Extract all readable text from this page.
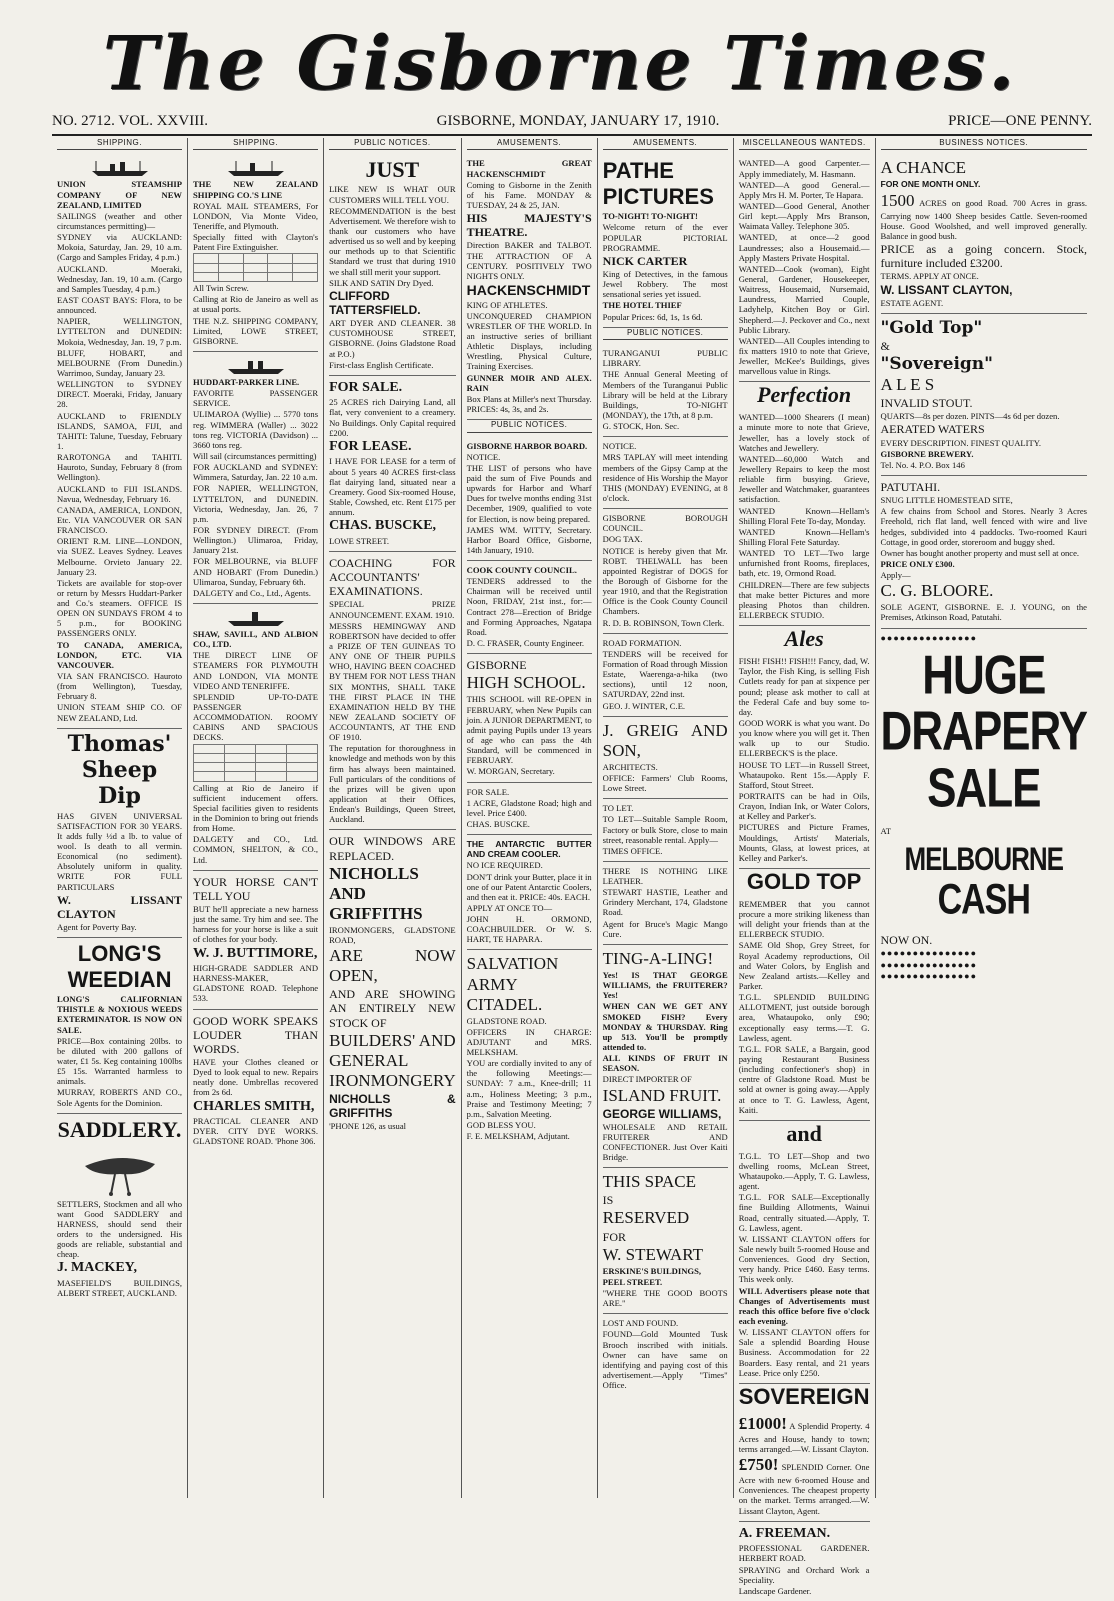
The Gisborne Times.
NO. 2712. VOL. XXVIII.	GISBORNE, MONDAY, JANUARY 17, 1910.	PRICE—ONE PENNY.
SHIPPING.

UNION STEAMSHIP COMPANY OF NEW ZEALAND, LIMITED

SAILINGS (weather and other circumstances permitting)—

SYDNEY via AUCKLAND: Mokoia, Saturday, Jan. 29, 10 a.m. (Cargo and Samples Friday, 4 p.m.)

AUCKLAND. Moeraki, Wednesday, Jan. 19, 10 a.m. (Cargo and Samples Tuesday, 4 p.m.)

EAST COAST BAYS: Flora, to be announced.

NAPIER, WELLINGTON, LYTTELTON and DUNEDIN: Mokoia, Wednesday, Jan. 19, 7 p.m.

BLUFF, HOBART, and MELBOURNE (From Dunedin.) Warrimoo, Sunday, January 23.

WELLINGTON to SYDNEY DIRECT. Moeraki, Friday, January 28.

AUCKLAND to FRIENDLY ISLANDS, SAMOA, FIJI, and TAHITI: Talune, Tuesday, February 1.

RAROTONGA and TAHITI. Hauroto, Sunday, February 8 (from Wellington).

AUCKLAND to FIJI ISLANDS. Navua, Wednesday, February 16.

CANADA, AMERICA, LONDON, Etc. VIA VANCOUVER OR SAN FRANCISCO.

ORIENT R.M. LINE—LONDON, via SUEZ. Leaves Sydney. Leaves Melbourne. Orvieto January 22. January 23.

Tickets are available for stop-over or return by Messrs Huddart-Parker and Co.'s steamers. OFFICE IS OPEN ON SUNDAYS FROM 4 to 5 p.m., for BOOKING PASSENGERS ONLY.

TO CANADA, AMERICA, LONDON, ETC. VIA VANCOUVER.

VIA SAN FRANCISCO. Hauroto (from Wellington), Tuesday, February 8.

UNION STEAM SHIP CO. OF NEW ZEALAND, Ltd.

Thomas' Sheep Dip

HAS GIVEN UNIVERSAL SATISFACTION FOR 30 YEARS. It adds fully ½d a lb. to value of wool. Is death to all vermin. Economical (no sediment). Absolutely uniform in quality. WRITE FOR FULL PARTICULARS

W. LISSANT CLAYTON

Agent for Poverty Bay.

LONG'S WEEDIAN

LONG'S CALIFORNIAN THISTLE & NOXIOUS WEEDS EXTERMINATOR. IS NOW ON SALE.

PRICE—Box containing 20lbs. to be diluted with 200 gallons of water, £1 5s. Keg containing 100lbs £5 15s. Warranted harmless to animals.

MURRAY, ROBERTS AND CO., Sole Agents for the Dominion.

SADDLERY.

SETTLERS, Stockmen and all who want Good SADDLERY and HARNESS, should send their orders to the undersigned. His goods are reliable, substantial and cheap.

J. MACKEY,

MASEFIELD'S BUILDINGS, ALBERT STREET, AUCKLAND.

SHIPPING.

THE NEW ZEALAND SHIPPING CO.'S LINE

ROYAL MAIL STEAMERS, For LONDON, Via Monte Video, Teneriffe, and Plymouth.

Specially fitted with Clayton's Patent Fire Extinguisher.

All Twin Screw.

Calling at Rio de Janeiro as well as at usual ports.

THE N.Z. SHIPPING COMPANY, Limited, LOWE STREET, GISBORNE.

HUDDART-PARKER LINE.

FAVORITE PASSENGER SERVICE.

ULIMAROA (Wyllie) ... 5770 tons reg. WIMMERA (Waller) ... 3022 tons reg. VICTORIA (Davidson) ... 3660 tons reg.

Will sail (circumstances permitting)

FOR AUCKLAND and SYDNEY: Wimmera, Saturday, Jan. 22 10 a.m.

FOR NAPIER, WELLINGTON, LYTTELTON, and DUNEDIN. Victoria, Wednesday, Jan. 26, 7 p.m.

FOR SYDNEY DIRECT. (From Wellington.) Ulimaroa, Friday, January 21st.

FOR MELBOURNE, via BLUFF AND HOBART (From Dunedin.) Ulimaroa, Sunday, February 6th.

DALGETY and Co., Ltd., Agents.

SHAW, SAVILL, AND ALBION CO., LTD.

THE DIRECT LINE OF STEAMERS FOR PLYMOUTH AND LONDON, VIA MONTE VIDEO AND TENERIFFE.

SPLENDID UP-TO-DATE PASSENGER ACCOMMODATION. ROOMY CABINS AND SPACIOUS DECKS.

Calling at Rio de Janeiro if sufficient inducement offers. Special facilities given to residents in the Dominion to bring out friends from Home.

DALGETY and CO., Ltd. COMMON, SHELTON, & CO., Ltd.

YOUR HORSE CAN'T TELL YOU

BUT he'll appreciate a new harness just the same. Try him and see. The harness for your horse is like a suit of clothes for your body.

W. J. BUTTIMORE,

HIGH-GRADE SADDLER AND HARNESS-MAKER, GLADSTONE ROAD. Telephone 533.

GOOD WORK SPEAKS LOUDER THAN WORDS.

HAVE your Clothes cleaned or Dyed to look equal to new. Repairs neatly done. Umbrellas recovered from 2s 6d.

CHARLES SMITH,

PRACTICAL CLEANER AND DYER. CITY DYE WORKS. GLADSTONE ROAD. 'Phone 306.

PUBLIC NOTICES.
JUST

LIKE NEW IS WHAT OUR CUSTOMERS WILL TELL YOU.

RECOMMENDATION is the best Advertisement. We therefore wish to thank our customers who have advertised us so well and by keeping our methods up to that Scientific Standard we trust that during 1910 we shall still merit your support.

SILK AND SATIN Dry Dyed.

CLIFFORD TATTERSFIELD.

ART DYER AND CLEANER. 38 CUSTOMHOUSE STREET, GISBORNE. (Joins Gladstone Road at P.O.)

First-class English Certificate.

FOR SALE.

25 ACRES rich Dairying Land, all flat, very convenient to a creamery. No Buildings. Only Capital required £200.

FOR LEASE.

I HAVE FOR LEASE for a term of about 5 years 40 ACRES first-class flat dairying land, situated near a Creamery. Good Six-roomed House, Stable, Cowshed, etc. Rent £175 per annum.

CHAS. BUSCKE,

LOWE STREET.

COACHING FOR ACCOUNTANTS' EXAMINATIONS.

SPECIAL PRIZE ANNOUNCEMENT. EXAM. 1910.

MESSRS HEMINGWAY AND ROBERTSON have decided to offer a PRIZE OF TEN GUINEAS TO ANY ONE OF THEIR PUPILS WHO, HAVING BEEN COACHED BY THEM FOR NOT LESS THAN SIX MONTHS, SHALL TAKE THE FIRST PLACE IN THE EXAMINATION HELD BY THE NEW ZEALAND SOCIETY OF ACCOUNTANTS, AT THE END OF 1910.

The reputation for thoroughness in knowledge and methods won by this firm has always been maintained. Full particulars of the conditions of the prizes will be given upon application at their Offices, Endean's Buildings, Queen Street, Auckland.

OUR WINDOWS ARE REPLACED.

NICHOLLS AND GRIFFITHS

IRONMONGERS, GLADSTONE ROAD,

ARE NOW OPEN,

AND ARE SHOWING AN ENTIRELY NEW STOCK OF

BUILDERS' AND GENERAL IRONMONGERY

NICHOLLS & GRIFFITHS

'PHONE 126, as usual

AMUSEMENTS.

THE GREAT HACKENSCHMIDT

Coming to Gisborne in the Zenith of his Fame. MONDAY & TUESDAY, 24 & 25, JAN.

HIS MAJESTY'S THEATRE.

Direction BAKER and TALBOT. THE ATTRACTION OF A CENTURY. POSITIVELY TWO NIGHTS ONLY.

HACKENSCHMIDT

KING OF ATHLETES.

UNCONQUERED CHAMPION WRESTLER OF THE WORLD. In an instructive series of brilliant Athletic Displays, including Wrestling, Physical Culture, Training Exercises.

GUNNER MOIR AND ALEX. RAIN

Box Plans at Miller's next Thursday. PRICES: 4s, 3s, and 2s.

PUBLIC NOTICES.

GISBORNE HARBOR BOARD.

NOTICE.

THE LIST of persons who have paid the sum of Five Pounds and upwards for Harbor and Wharf Dues for twelve months ending 31st December, 1909, qualified to vote for Election, is now being prepared.

JAMES WM. WITTY, Secretary. Harbor Board Office, Gisborne, 14th January, 1910.

COOK COUNTY COUNCIL.

TENDERS addressed to the Chairman will be received until Noon, FRIDAY, 21st inst., for:—Contract 278—Erection of Bridge and Forming Approaches, Ngatapa Road.

D. C. FRASER, County Engineer.

GISBORNE

HIGH SCHOOL.

THIS SCHOOL will RE-OPEN in FEBRUARY, when New Pupils can join. A JUNIOR DEPARTMENT, to admit paying Pupils under 13 years of age who can pass the 4th Standard, will be commenced in FEBRUARY.

W. MORGAN, Secretary.

FOR SALE.

1 ACRE, Gladstone Road; high and level. Price £400.

CHAS. BUSCKE.

THE ANTARCTIC BUTTER AND CREAM COOLER.

NO ICE REQUIRED.

DON'T drink your Butter, place it in one of our Patent Antarctic Coolers, and then eat it. PRICE: 40s. EACH.

APPLY AT ONCE TO—

JOHN H. ORMOND, COACHBUILDER. Or W. S. HART, TE HAPARA.

SALVATION ARMY CITADEL.

GLADSTONE ROAD.

OFFICERS IN CHARGE: ADJUTANT and MRS. MELKSHAM.

YOU are cordially invited to any of the following Meetings:—SUNDAY: 7 a.m., Knee-drill; 11 a.m., Holiness Meeting; 3 p.m., Praise and Testimony Meeting; 7 p.m., Salvation Meeting.

GOD BLESS YOU.

F. E. MELKSHAM, Adjutant.

AMUSEMENTS.

PATHE PICTURES

TO-NIGHT! TO-NIGHT!

Welcome return of the ever POPULAR PICTORIAL PROGRAMME.

NICK CARTER

King of Detectives, in the famous Jewel Robbery. The most sensational series yet issued.

THE HOTEL THIEF

Popular Prices: 6d, 1s, 1s 6d.

PUBLIC NOTICES.

TURANGANUI PUBLIC LIBRARY.

THE Annual General Meeting of Members of the Turanganui Public Library will be held at the Library Buildings, TO-NIGHT (MONDAY), the 17th, at 8 p.m.

G. STOCK, Hon. Sec.

NOTICE.

MRS TAPLAY will meet intending members of the Gipsy Camp at the residence of His Worship the Mayor THIS (MONDAY) EVENING, at 8 o'clock.

GISBORNE BOROUGH COUNCIL.

DOG TAX.

NOTICE is hereby given that Mr. ROBT. THELWALL has been appointed Registrar of DOGS for the Borough of Gisborne for the year 1910, and that the Registration Office is the Cook County Council Chambers.

R. D. B. ROBINSON, Town Clerk.

ROAD FORMATION.

TENDERS will be received for Formation of Road through Mission Estate, Waerenga-a-hika (two sections), until 12 noon, SATURDAY, 22nd inst.

GEO. J. WINTER, C.E.

J. GREIG AND SON,

ARCHITECTS.

OFFICE: Farmers' Club Rooms, Lowe Street.

TO LET.

TO LET—Suitable Sample Room, Factory or bulk Store, close to main street, reasonable rental. Apply—

TIMES OFFICE.

THERE IS NOTHING LIKE LEATHER.

STEWART HASTIE, Leather and Grindery Merchant, 174, Gladstone Road.

Agent for Bruce's Magic Mango Cure.

TING-A-LING!

Yes! IS THAT GEORGE WILLIAMS, the FRUITERER? Yes!

WHEN CAN WE GET ANY SMOKED FISH? Every MONDAY & THURSDAY. Ring up 513. You'll be promptly attended to.

ALL KINDS OF FRUIT IN SEASON.

DIRECT IMPORTER OF

ISLAND FRUIT.

GEORGE WILLIAMS,

WHOLESALE AND RETAIL FRUITERER AND CONFECTIONER. Just Over Kaiti Bridge.

THIS SPACE

IS

RESERVED

FOR

W. STEWART

ERSKINE'S BUILDINGS,

PEEL STREET.

"WHERE THE GOOD BOOTS ARE."

LOST AND FOUND.

FOUND—Gold Mounted Tusk Brooch inscribed with initials. Owner can have same on identifying and paying cost of this advertisement.—Apply "Times" Office.

MISCELLANEOUS WANTEDS.

WANTED—A good Carpenter.—Apply immediately, M. Hasmann.

WANTED—A good General.—Apply Mrs H. M. Porter, Te Hapara.

WANTED—Good General, Another Girl kept.—Apply Mrs Branson, Waimata Valley. Telephone 305.

WANTED, at once—2 good Laundresses; also a Housemaid.—Apply Masters Private Hospital.

WANTED—Cook (woman), Eight General, Gardener, Housekeeper, Waitress, Housemaid, Nursemaid, Laundress, Married Couple, Ladyhelp, Kitchen Boy or Girl. Shepherd.—J. Peckover and Co., next Public Library.

WANTED—All Couples intending to fix matters 1910 to note that Grieve, Jeweller, McKee's Buildings, gives marvellous value in Rings.

Perfection

WANTED—1000 Shearers (I mean) a minute more to note that Grieve, Jeweller, has a lovely stock of Watches and Jewellery.

WANTED—60,000 Watch and Jewellery Repairs to keep the most reliable firm busying. Grieve, Jeweller and Watchmaker, guarantees satisfaction.

WANTED Known—Hellam's Shilling Floral Fete To-day, Monday.

WANTED Known—Hellam's Shilling Floral Fete Saturday.

WANTED TO LET—Two large unfurnished front Rooms, fireplaces, bath, etc. 19, Ormond Road.

CHILDREN—There are few subjects that make better Pictures and more pleasing Photos than children. ELLERBECK STUDIO.

Ales

FISH! FISH!! FISH!!! Fancy, dad, W. Taylor, the Fish King, is selling Fish Cutlets ready for pan at sixpence per pound; please ask mother to call at the Federal Cafe and buy some to-day.

GOOD WORK is what you want. Do you know where you will get it. Then walk up to our Studio. ELLERBECK'S is the place.

HOUSE TO LET—in Russell Street, Whataupoko. Rent 15s.—Apply F. Stafford, Stout Street.

PORTRAITS can be had in Oils, Crayon, Indian Ink, or Water Colors, at Kelley and Parker's.

PICTURES and Picture Frames, Mouldings, Artists' Materials, Mounts, Glass, at lowest prices, at Kelley and Parker's.

GOLD TOP

REMEMBER that you cannot procure a more striking likeness than will delight your friends than at the ELLERBECK STUDIO.

SAME Old Shop, Grey Street, for Royal Academy reproductions, Oil and Water Colors, by English and New Zealand artists.—Kelley and Parker.

T.G.L. SPLENDID BUILDING ALLOTMENT, just outside borough area, Whataupoko, only £90; exceptionally easy terms.—T. G. Lawless, agent.

T.G.L. FOR SALE, a Bargain, good paying Restaurant Business (including confectioner's shop) in centre of Gladstone Road. Must be sold at owner is going away.—Apply at once to T. G. Lawless, Agent, Kaiti.

and

T.G.L. TO LET—Shop and two dwelling rooms, McLean Street, Whataupoko.—Apply, T. G. Lawless, agent.

T.G.L. FOR SALE—Exceptionally fine Building Allotments, Wainui Road, centrally situated.—Apply, T. G. Lawless, agent.

W. LISSANT CLAYTON offers for Sale newly built 5-roomed House and Conveniences. Good dry Section, very handy. Price £460. Easy terms. This week only.

WILL Advertisers please note that Changes of Advertisements must reach this office before five o'clock each evening.

W. LISSANT CLAYTON offers for Sale a splendid Boarding House Business. Accommodation for 22 Boarders. Easy rental, and 21 years Lease. Price only £250.

SOVEREIGN

£1000! A Splendid Property. 4 Acres and House, handy to town; terms arranged.—W. Lissant Clayton.

£750! SPLENDID Corner. One Acre with new 6-roomed House and Conveniences. The cheapest property on the market. Terms arranged.—W. Lissant Clayton, Agent.

A. FREEMAN.

PROFESSIONAL GARDENER. HERBERT ROAD.

SPRAYING and Orchard Work a Speciality.

Landscape Gardener.

BUSINESS NOTICES.

A CHANCE

FOR ONE MONTH ONLY.

1500 ACRES on good Road. 700 Acres in grass. Carrying now 1400 Sheep besides Cattle. Seven-roomed House. Good Woolshed, and well improved generally. Balance in good bush.

PRICE as a going concern. Stock, furniture included £3200.

TERMS. APPLY AT ONCE.

W. LISSANT CLAYTON,

ESTATE AGENT.

"Gold Top"

&

"Sovereign"

A L E S

INVALID STOUT.

QUARTS—8s per dozen. PINTS—4s 6d per dozen.

AERATED WATERS

EVERY DESCRIPTION. FINEST QUALITY.

GISBORNE BREWERY.

Tel. No. 4. P.O. Box 146

PATUTAHI.

SNUG LITTLE HOMESTEAD SITE,

A few chains from School and Stores. Nearly 3 Acres Freehold, rich flat land, well fenced with wire and live hedges, subdivided into 4 paddocks. Two-roomed Kauri Cottage, in good order, storeroom and buggy shed.

Owner has bought another property and must sell at once.

PRICE ONLY £300.

Apply—

C. G. BLOORE.

SOLE AGENT, GISBORNE. E. J. YOUNG, on the Premises, Atkinson Road, Patutahi.

●●●●●●●●●●●●●●●

HUGE
DRAPERY
SALE

AT

MELBOURNE
CASH

NOW ON.

●●●●●●●●●●●●●●●

●●●●●●●●●●●●●●●

●●●●●●●●●●●●●●●
